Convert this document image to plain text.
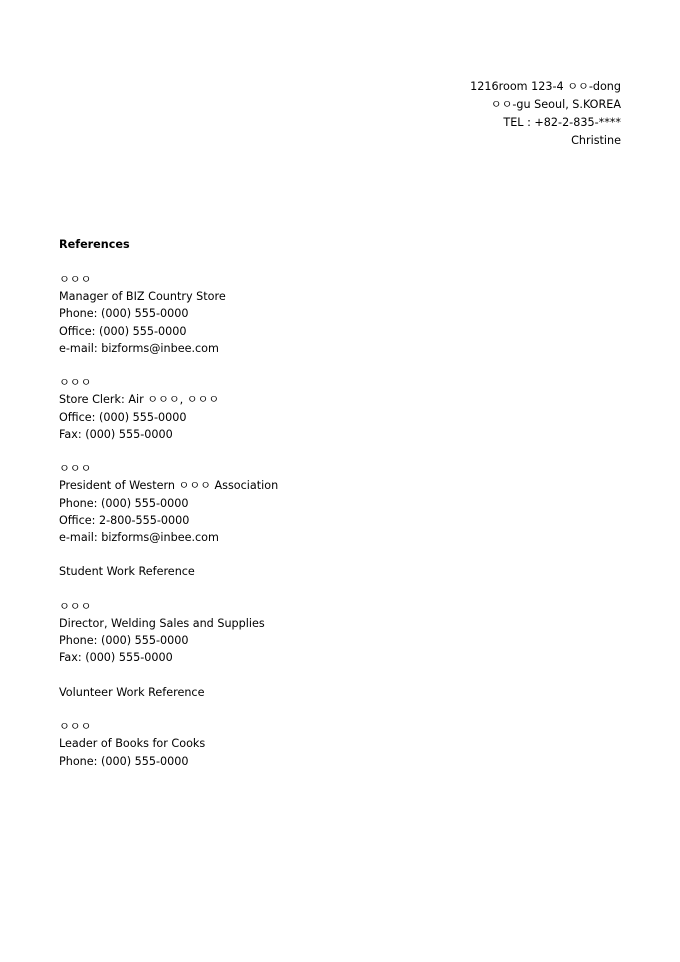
1216room 123-4 ㅇㅇ-dong
ㅇㅇ-gu Seoul, S.KOREA
TEL : +82-2-835-****
Christine
References
ㅇㅇㅇ
Manager of BIZ Country Store
Phone: (000) 555-0000
Office: (000) 555-0000
e-mail: bizforms@inbee.com
ㅇㅇㅇ
Store Clerk: Air ㅇㅇㅇ, ㅇㅇㅇ
Office: (000) 555-0000
Fax: (000) 555-0000
ㅇㅇㅇ
President of Western ㅇㅇㅇ Association
Phone: (000) 555-0000
Office: 2-800-555-0000
e-mail: bizforms@inbee.com
Student Work Reference
ㅇㅇㅇ
Director, Welding Sales and Supplies
Phone: (000) 555-0000
Fax: (000) 555-0000
Volunteer Work Reference
ㅇㅇㅇ
Leader of Books for Cooks
Phone: (000) 555-0000
